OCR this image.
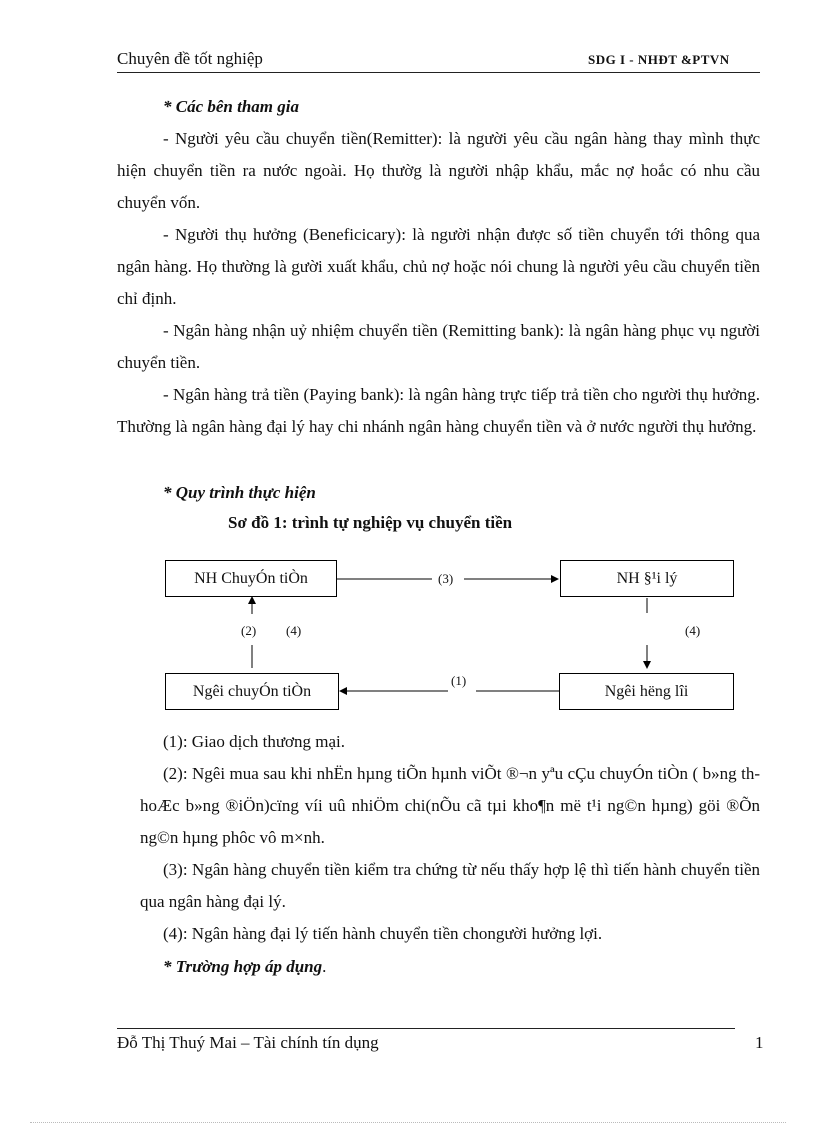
Chuyên đề tốt nghiệp	SDG I - NHĐT &PTVN
* Các bên tham gia
- Người yêu cầu chuyển tiền(Remitter): là người yêu cầu ngân hàng thay mình thực hiện chuyển tiền ra nước ngoài. Họ thườg là người nhập khẩu, mắc nợ hoắc có nhu cầu chuyển vốn.
- Người thụ hưởng (Beneficicary): là người nhận được số tiền chuyển tới thông qua ngân hàng. Họ thường là gười xuất khẩu, chủ nợ hoặc nói chung là người yêu cầu chuyển tiền chỉ định.
- Ngân hàng nhận uỷ nhiệm chuyển tiền (Remitting bank): là ngân hàng phục vụ người chuyển tiền.
- Ngân hàng trả tiền (Paying bank): là ngân hàng trực tiếp trả tiền cho người thụ hưởng. Thường là ngân hàng đại lý hay chi nhánh ngân hàng chuyển tiền và ở nước người thụ hưởng.
* Quy trình thực hiện
Sơ đồ 1: trình tự nghiệp vụ chuyển tiền
NH ChuyÓn tiÒn	NH §¹i lý
Ngêi chuyÓn tiÒn	Ngêi hëng lîi
(3)
(2) (4)	(4)
(1)
(1): Giao dịch thương mại.
(2): Ngêi mua sau khi nhËn hµng tiÕn hµnh viÕt ®¬n yªu cÇu chuyÓn tiÒn ( b»ng th hoÆc b»ng ®iÖn)cïng víi uû nhiÖm chi(nÕu cã tµi kho¶n më t¹i ng©n hµng) göi ®Õn ng©n hµng phôc vô m×nh.
(3): Ngân hàng chuyển tiền kiểm tra chứng từ nếu thấy hợp lệ thì tiến hành chuyển tiền qua ngân hàng đại lý.
(4): Ngân hàng đại lý tiến hành chuyển tiền chongười hưởng lợi.
* Trường hợp áp dụng.
Đỗ Thị Thuý Mai – Tài chính tín dụng	1
